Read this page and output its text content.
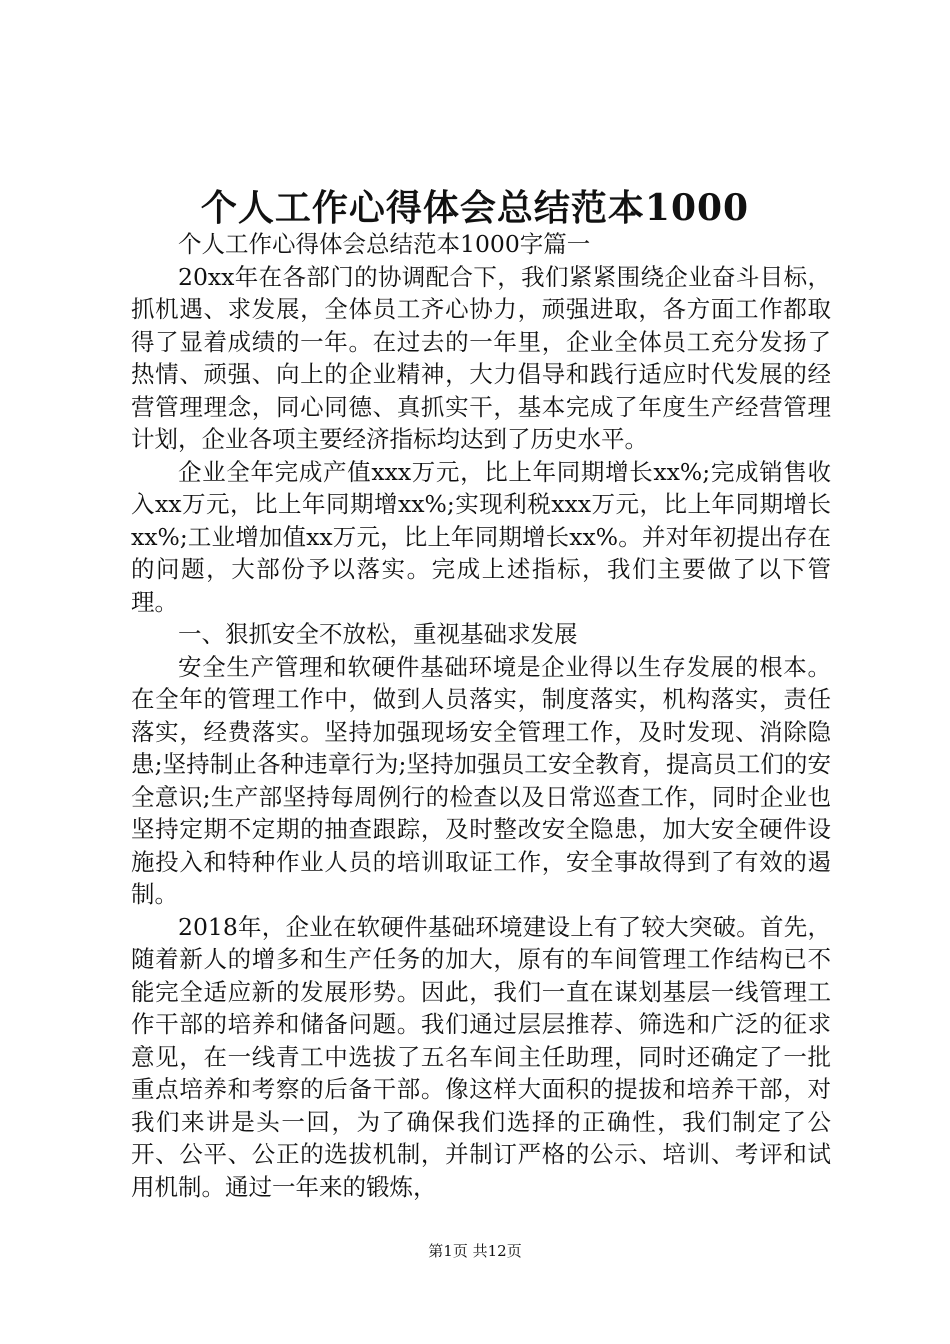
个人工作心得体会总结范本1000

个人工作心得体会总结范本1000字篇一

20xx年在各部门的协调配合下，我们紧紧围绕企业奋斗目标，抓机遇、求发展，全体员工齐心协力，顽强进取，各方面工作都取得了显着成绩的一年。在过去的一年里，企业全体员工充分发扬了热情、顽强、向上的企业精神，大力倡导和践行适应时代发展的经营管理理念，同心同德、真抓实干，基本完成了年度生产经营管理计划，企业各项主要经济指标均达到了历史水平。

企业全年完成产值xxx万元，比上年同期增长xx%;完成销售收入xx万元，比上年同期增xx%;实现利税xxx万元，比上年同期增长xx%;工业增加值xx万元，比上年同期增长xx%。并对年初提出存在的问题，大部份予以落实。完成上述指标，我们主要做了以下管理。

一、狠抓安全不放松，重视基础求发展

安全生产管理和软硬件基础环境是企业得以生存发展的根本。在全年的管理工作中，做到人员落实，制度落实，机构落实，责任落实，经费落实。坚持加强现场安全管理工作，及时发现、消除隐患;坚持制止各种违章行为;坚持加强员工安全教育，提高员工们的安全意识;生产部坚持每周例行的检查以及日常巡查工作，同时企业也坚持定期不定期的抽查跟踪，及时整改安全隐患，加大安全硬件设施投入和特种作业人员的培训取证工作，安全事故得到了有效的遏制。

2018年，企业在软硬件基础环境建设上有了较大突破。首先，随着新人的增多和生产任务的加大，原有的车间管理工作结构已不能完全适应新的发展形势。因此，我们一直在谋划基层一线管理工作干部的培养和储备问题。我们通过层层推荐、筛选和广泛的征求意见，在一线青工中选拔了五名车间主任助理，同时还确定了一批重点培养和考察的后备干部。像这样大面积的提拔和培养干部，对我们来讲是头一回，为了确保我们选择的正确性，我们制定了公开、公平、公正的选拔机制，并制订严格的公示、培训、考评和试用机制。通过一年来的锻炼，

第1页 共12页
